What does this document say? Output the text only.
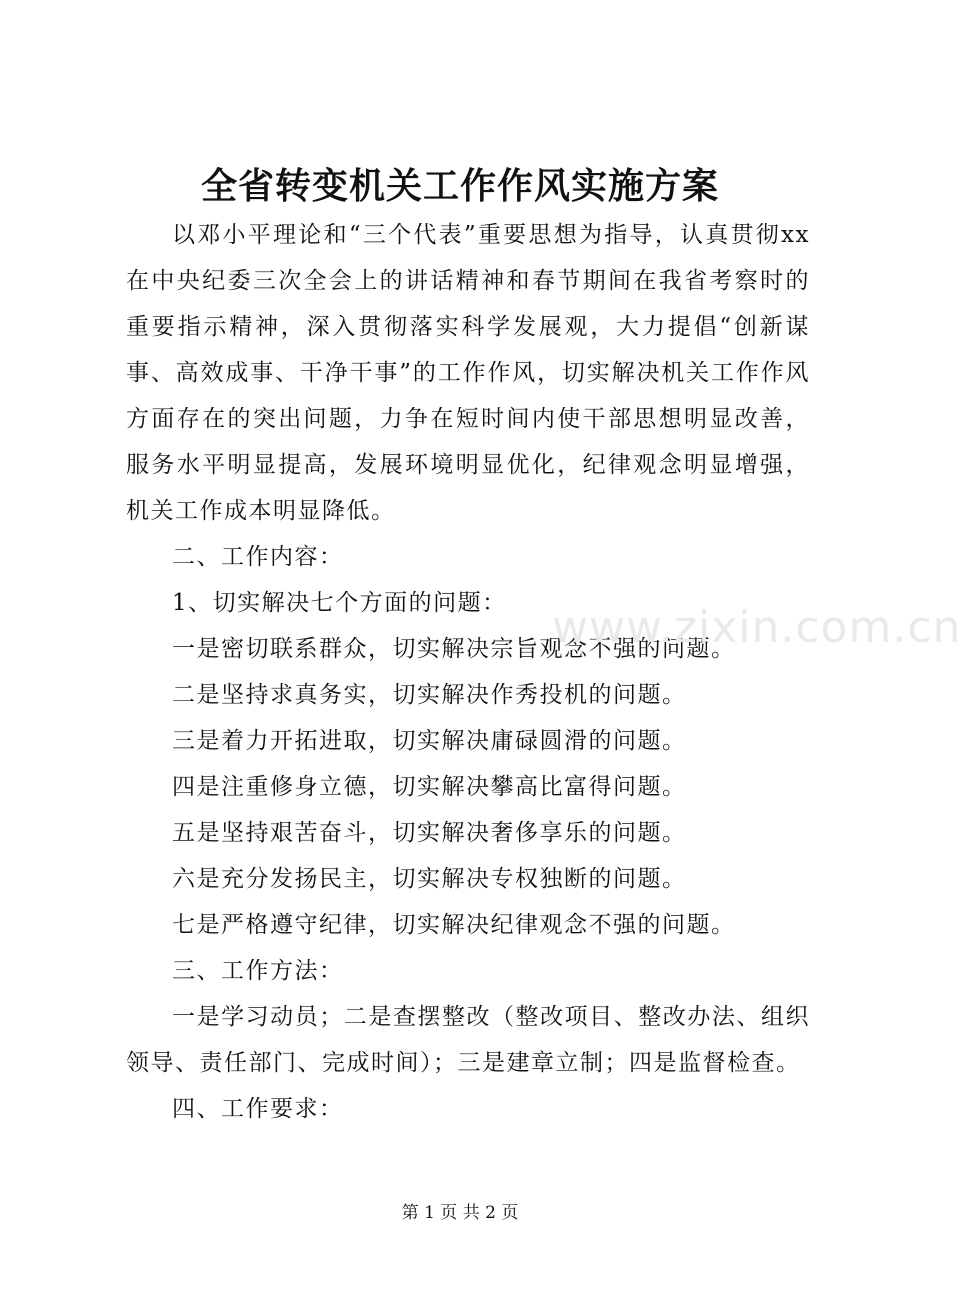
全省转变机关工作作风实施方案

以邓小平理论和“三个代表”重要思想为指导，认真贯彻xx在中央纪委三次全会上的讲话精神和春节期间在我省考察时的重要指示精神，深入贯彻落实科学发展观，大力提倡“创新谋事、高效成事、干净干事”的工作作风，切实解决机关工作作风方面存在的突出问题，力争在短时间内使干部思想明显改善，服务水平明显提高，发展环境明显优化，纪律观念明显增强，机关工作成本明显降低。

二、工作内容：

1、切实解决七个方面的问题：

一是密切联系群众，切实解决宗旨观念不强的问题。

二是坚持求真务实，切实解决作秀投机的问题。

三是着力开拓进取，切实解决庸碌圆滑的问题。

四是注重修身立德，切实解决攀高比富得问题。

五是坚持艰苦奋斗，切实解决奢侈享乐的问题。

六是充分发扬民主，切实解决专权独断的问题。

七是严格遵守纪律，切实解决纪律观念不强的问题。

三、工作方法：

一是学习动员；二是查摆整改（整改项目、整改办法、组织领导、责任部门、完成时间）；三是建章立制；四是监督检查。

四、工作要求：

www.zixin.com.cn
第 1 页 共 2 页
